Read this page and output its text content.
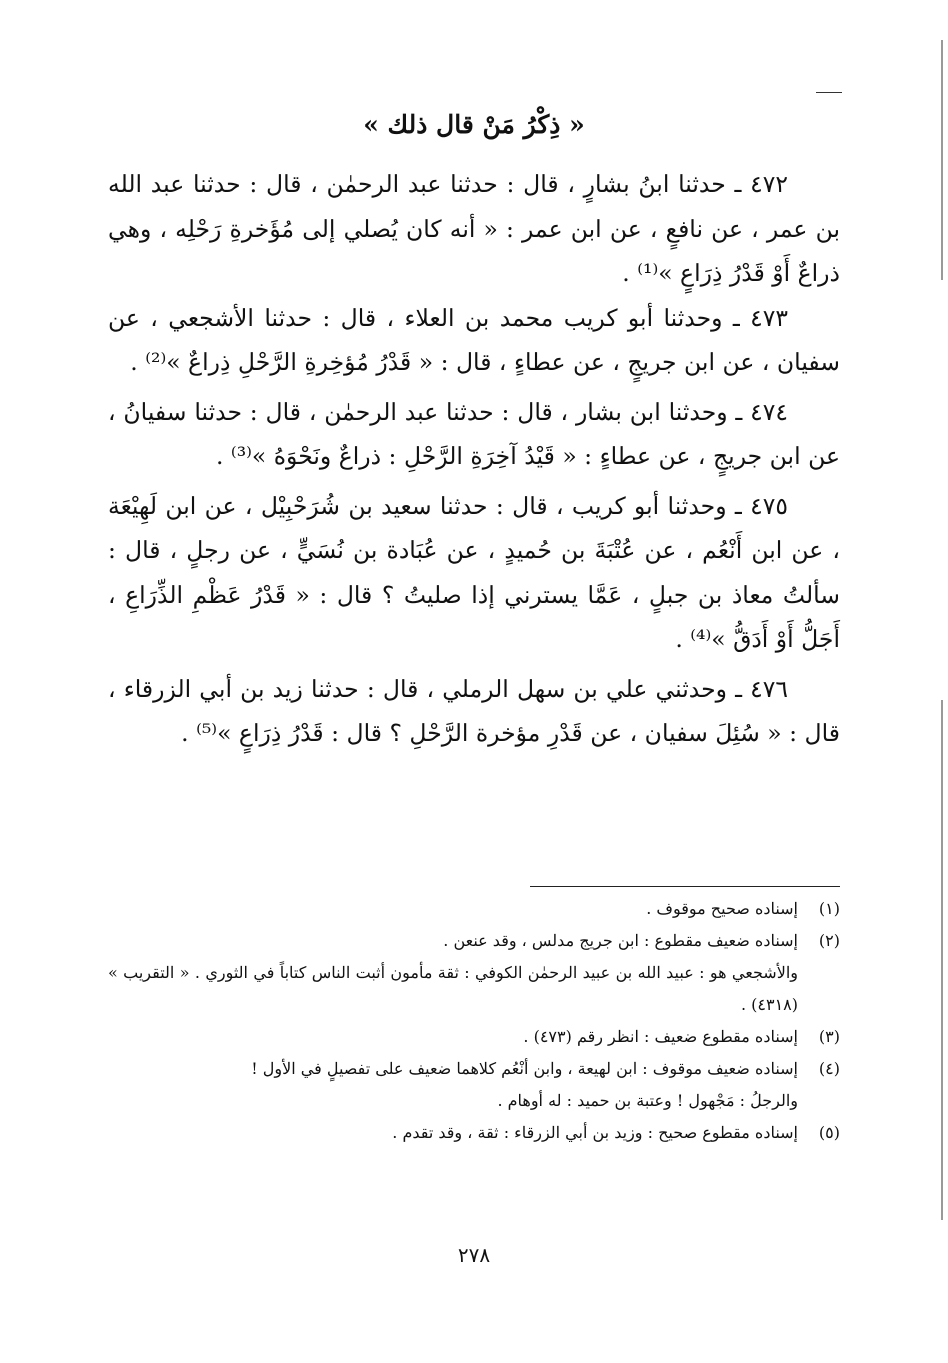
« ذِكْرُ مَنْ قال ذلك »

٤٧٢ ـ حدثنا ابنُ بشارٍ ، قال : حدثنا عبد الرحمٰن ، قال : حدثنا عبد الله بن عمر ، عن نافعٍ ، عن ابن عمر : « أنه كان يُصلي إلى مُؤَخرةِ رَحْلِه ، وهي ذراعٌ أَوْ قَدْرُ ذِرَاعٍ »⁽¹⁾ .

٤٧٣ ـ وحدثنا أبو كريب محمد بن العلاء ، قال : حدثنا الأشجعي ، عن سفيان ، عن ابن جريجٍ ، عن عطاءٍ ، قال : « قَدْرُ مُؤخِرةِ الرَّحْلِ ذِراعٌ »⁽²⁾ .

٤٧٤ ـ وحدثنا ابن بشار ، قال : حدثنا عبد الرحمٰن ، قال : حدثنا سفيانُ ، عن ابن جريجٍ ، عن عطاءٍ : « قَيْدُ آخِرَةِ الرَّحْلِ : ذراعٌ ونَحْوَهُ »⁽³⁾ .

٤٧٥ ـ وحدثنا أبو كريب ، قال : حدثنا سعيد بن شُرَحْبِيْل ، عن ابن لَهِيْعَة ، عن ابن أَنْعُم ، عن عُتْبَةَ بن حُميدٍ ، عن عُبَادة بن نُسَيٍّ ، عن رجلٍ ، قال : سألتُ معاذ بن جبلٍ ، عَمَّا يسترني إذا صليتُ ؟ قال : « قَدْرُ عَظْمِ الذِّرَاعِ ، أَجَلُّ أَوْ أَدَقُّ »⁽⁴⁾ .

٤٧٦ ـ وحدثني علي بن سهل الرملي ، قال : حدثنا زيد بن أبي الزرقاء ، قال : « سُئِلَ سفيان ، عن قَدْرِ مؤخرة الرَّحْلِ ؟ قال : قَدْرُ ذِرَاعٍ »⁽⁵⁾ .

(١)
إسناده صحيح موقوف .
(٢)
إسناده ضعيف مقطوع : ابن جريج مدلس ، وقد عنعن .
والأشجعي هو : عبيد الله بن عبيد الرحمٰن الكوفي : ثقة مأمون أثبت الناس كتاباً في الثوري . « التقريب » (٤٣١٨) .
(٣)
إسناده مقطوع ضعيف : انظر رقم (٤٧٣) .
(٤)
إسناده ضعيف موقوف : ابن لهيعة ، وابن أنْعُم كلاهما ضعيف على تفصيلٍ في الأول !
والرجلُ : مَجْهول ! وعتبة بن حميد : له أوهام .
(٥)
إسناده مقطوع صحيح : وزيد بن أبي الزرقاء : ثقة ، وقد تقدم .
٢٧٨
